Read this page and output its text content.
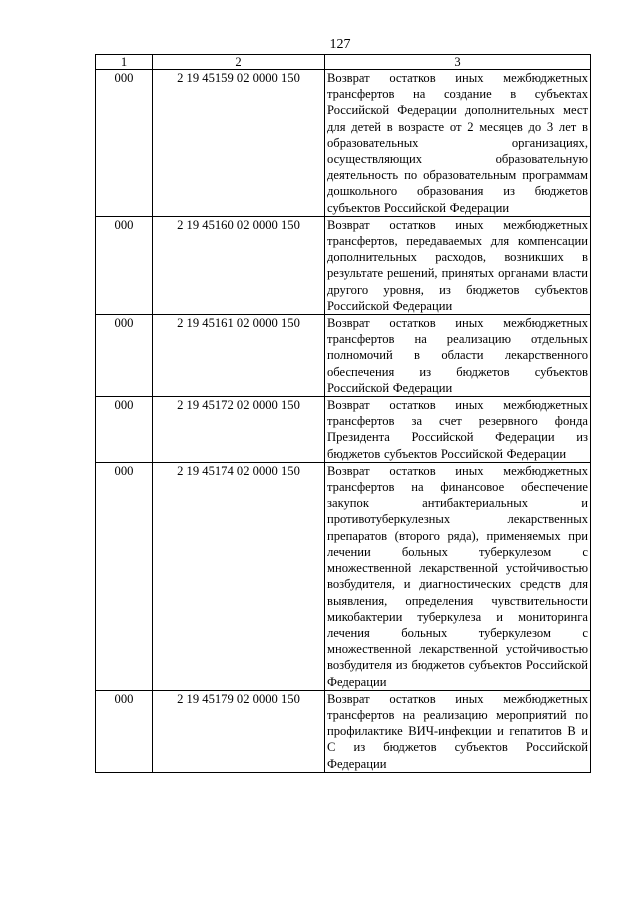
127
1	2	3
000	2 19 45159 02 0000 150	Возврат остатков иных межбюджетных трансфертов на создание в субъектах Российской Федерации дополнительных мест для детей в возрасте от 2 месяцев до 3 лет в образовательных организациях, осуществляющих образовательную деятельность по образовательным программам дошкольного образования из бюджетов субъектов Российской Федерации
000	2 19 45160 02 0000 150	Возврат остатков иных межбюджетных трансфертов, передаваемых для компенсации дополнительных расходов, возникших в результате решений, принятых органами власти другого уровня, из бюджетов субъектов Российской Федерации
000	2 19 45161 02 0000 150	Возврат остатков иных межбюджетных трансфертов на реализацию отдельных полномочий в области лекарственного обеспечения из бюджетов субъектов Российской Федерации
000	2 19 45172 02 0000 150	Возврат остатков иных межбюджетных трансфертов за счет резервного фонда Президента Российской Федерации из бюджетов субъектов Российской Федерации
000	2 19 45174 02 0000 150	Возврат остатков иных межбюджетных трансфертов на финансовое обеспечение закупок антибактериальных и противотуберкулезных лекарственных препаратов (второго ряда), применяемых при лечении больных туберкулезом с множественной лекарственной устойчивостью возбудителя, и диагностических средств для выявления, определения чувствительности микобактерии туберкулеза и мониторинга лечения больных туберкулезом с множественной лекарственной устойчивостью возбудителя из бюджетов субъектов Российской Федерации
000	2 19 45179 02 0000 150	Возврат остатков иных межбюджетных трансфертов на реализацию мероприятий по профилактике ВИЧ-инфекции и гепатитов B и C из бюджетов субъектов Российской Федерации
